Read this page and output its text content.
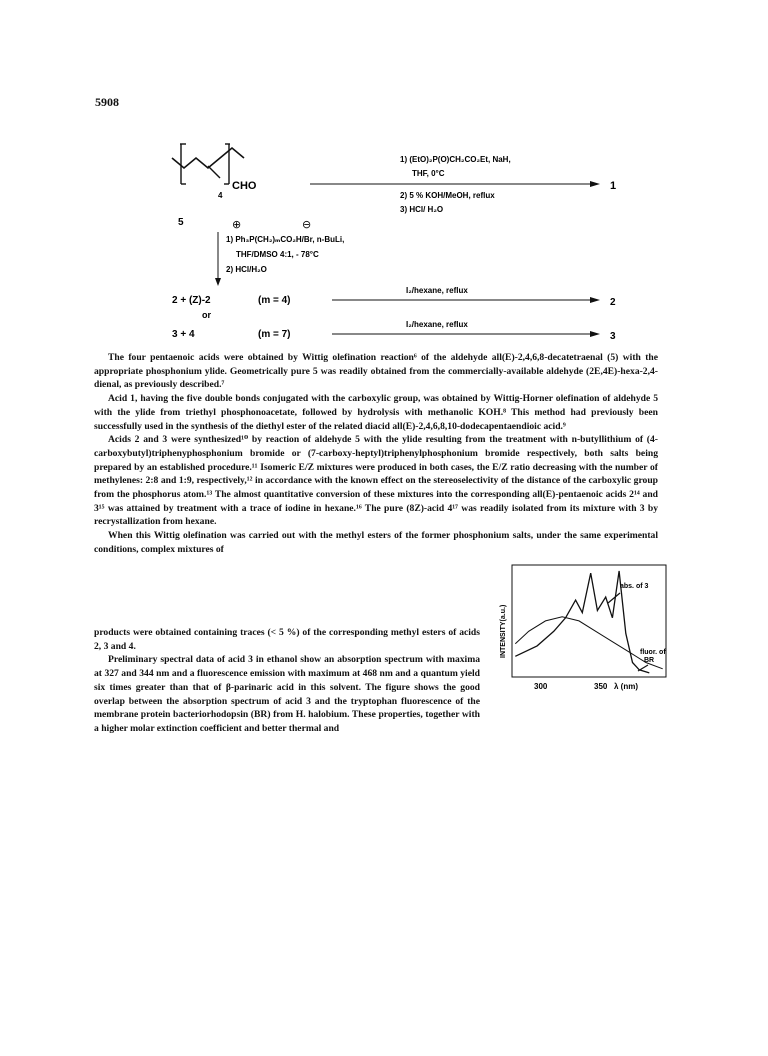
5908
CHO
4
5
1) (EtO)₂P(O)CH₂CO₂Et, NaH,
THF, 0°C
2) 5 % KOH/MeOH, reflux
3) HCl/ H₂O
1
⊕	⊖
1) Ph₃P(CH₂)ₘCO₂H/Br, n-BuLi,
THF/DMSO 4:1, - 78°C
2) HCl/H₂O
2 + (Z)-2	(m = 4)
I₂/hexane, reflux
2
or
3 + 4	(m = 7)
I₂/hexane, reflux
3

The four pentaenoic acids were obtained by Wittig olefination reaction⁶ of the aldehyde all(E)-2,4,6,8-decatetraenal (5) with the appropriate phosphonium ylide. Geometrically pure 5 was readily obtained from the commercially-available aldehyde (2E,4E)-hexa-2,4-dienal, as previously described.⁷

Acid 1, having the five double bonds conjugated with the carboxylic group, was obtained by Wittig-Horner olefination of aldehyde 5 with the ylide from triethyl phosphonoacetate, followed by hydrolysis with methanolic KOH.⁸ This method had previously been successfully used in the synthesis of the diethyl ester of the related diacid all(E)-2,4,6,8,10-dodecapentaendioic acid.⁹

Acids 2 and 3 were synthesized¹⁰ by reaction of aldehyde 5 with the ylide resulting from the treatment with n-butyllithium of (4-carboxybutyl)triphenyphosphonium bromide or (7-carboxy-heptyl)triphenylphosphonium bromide respectively, both salts being prepared by an established procedure.¹¹ Isomeric E/Z mixtures were produced in both cases, the E/Z ratio decreasing with the number of methylenes: 2:8 and 1:9, respectively,¹² in accordance with the known effect on the stereoselectivity of the distance of the carboxylic group from the phosphorus atom.¹³ The almost quantitative conversion of these mixtures into the corresponding all(E)-pentaenoic acids 2¹⁴ and 3¹⁵ was attained by treatment with a trace of iodine in hexane.¹⁶ The pure (8Z)-acid 4¹⁷ was readily isolated from its mixture with 3 by recrystallization from hexane.

When this Wittig olefination was carried out with the methyl esters of the former phosphonium salts, under the same experimental conditions, complex mixtures of

products were obtained containing traces (< 5 %) of the corresponding methyl esters of acids 2, 3 and 4.

Preliminary spectral data of acid 3 in ethanol show an absorption spectrum with maxima at 327 and 344 nm and a fluorescence emission with maximum at 468 nm and a quantum yield six times greater than that of β-parinaric acid in this solvent. The figure shows the good overlap between the absorption spectrum of acid 3 and the tryptophan fluorescence of the membrane protein bacteriorhodopsin (BR) from H. halobium. These properties, together with a higher molar extinction coefficient and better thermal and

INTENSITY(a.u.)
300	350 λ (nm)
abs. of 3
fluor. of
BR
